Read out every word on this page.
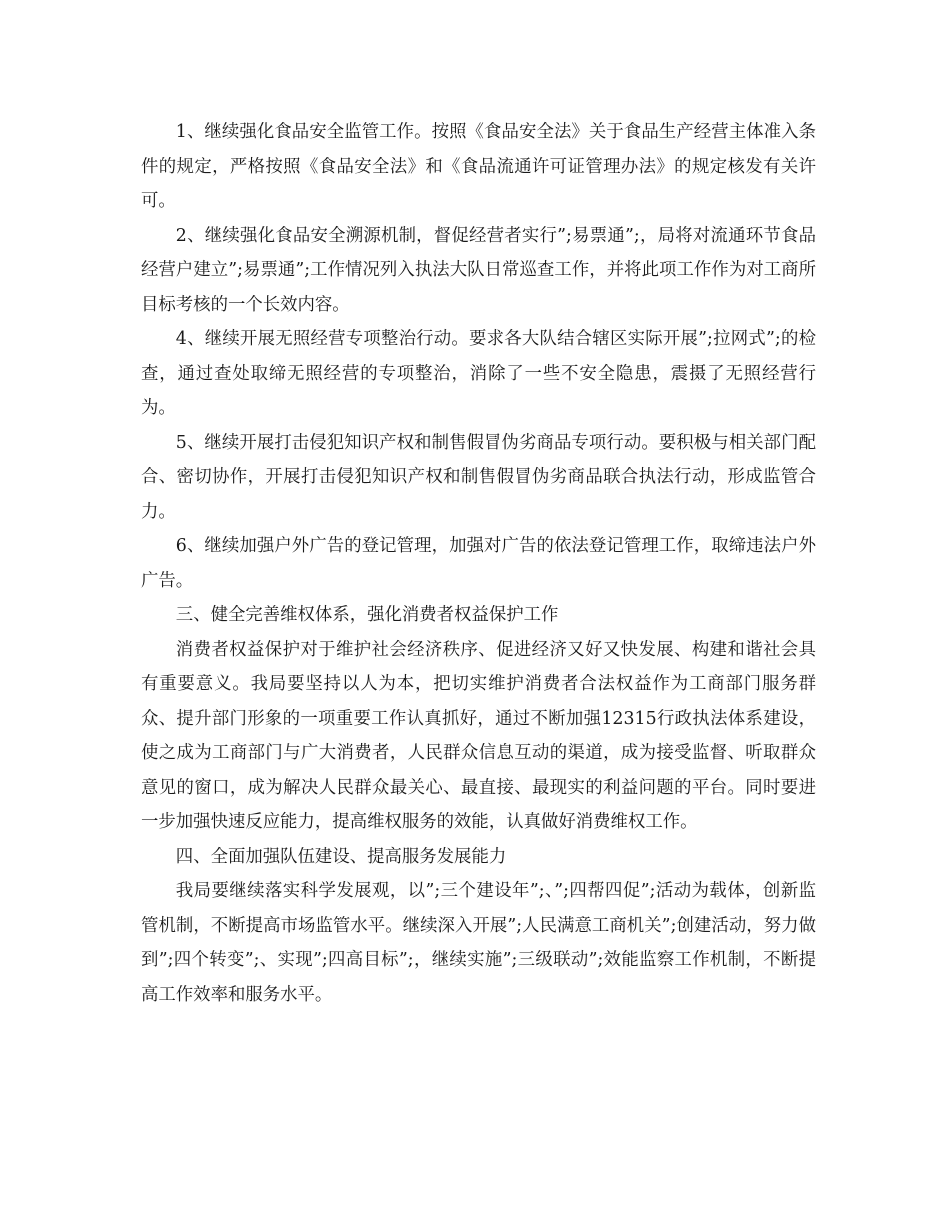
1、继续强化食品安全监管工作。按照《食品安全法》关于食品生产经营主体准入条件的规定，严格按照《食品安全法》和《食品流通许可证管理办法》的规定核发有关许可。

2、继续强化食品安全溯源机制，督促经营者实行”;易票通”;，局将对流通环节食品经营户建立”;易票通”;工作情况列入执法大队日常巡查工作，并将此项工作作为对工商所目标考核的一个长效内容。

4、继续开展无照经营专项整治行动。要求各大队结合辖区实际开展”;拉网式”;的检查，通过查处取缔无照经营的专项整治，消除了一些不安全隐患，震摄了无照经营行为。

5、继续开展打击侵犯知识产权和制售假冒伪劣商品专项行动。要积极与相关部门配合、密切协作，开展打击侵犯知识产权和制售假冒伪劣商品联合执法行动，形成监管合力。

6、继续加强户外广告的登记管理，加强对广告的依法登记管理工作，取缔违法户外广告。

三、健全完善维权体系，强化消费者权益保护工作

消费者权益保护对于维护社会经济秩序、促进经济又好又快发展、构建和谐社会具有重要意义。我局要坚持以人为本，把切实维护消费者合法权益作为工商部门服务群众、提升部门形象的一项重要工作认真抓好，通过不断加强12315行政执法体系建设，使之成为工商部门与广大消费者，人民群众信息互动的渠道，成为接受监督、听取群众意见的窗口，成为解决人民群众最关心、最直接、最现实的利益问题的平台。同时要进一步加强快速反应能力，提高维权服务的效能，认真做好消费维权工作。

四、全面加强队伍建设、提高服务发展能力

我局要继续落实科学发展观，以”;三个建设年”;、”;四帮四促”;活动为载体，创新监管机制，不断提高市场监管水平。继续深入开展”;人民满意工商机关”;创建活动，努力做到”;四个转变”;、实现”;四高目标”;，继续实施”;三级联动”;效能监察工作机制，不断提高工作效率和服务水平。
